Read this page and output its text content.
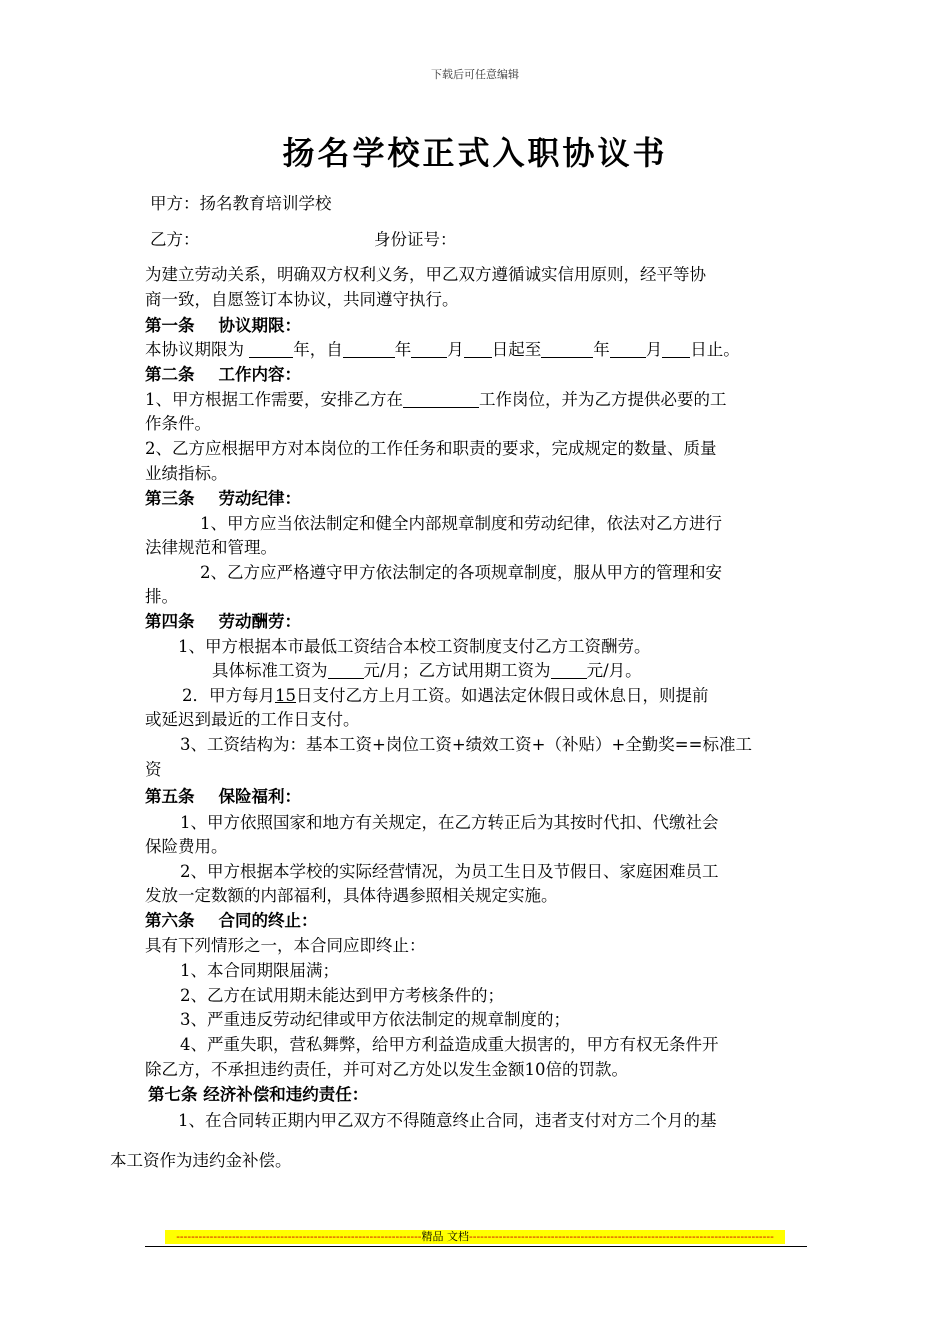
下载后可任意编辑
扬名学校正式入职协议书
甲方：扬名教育培训学校
乙方：	身份证号：
为建立劳动关系，明确双方权利义务，甲乙双方遵循诚实信用原则，经平等协
商一致，自愿签订本协议，共同遵守执行。
第一条 协议期限：
本协议期限为	年，自	年 月 日起至	年 月 日止。
第二条 工作内容：
1、甲方根据工作需要，安排乙方在	工作岗位，并为乙方提供必要的工
作条件。
2、乙方应根据甲方对本岗位的工作任务和职责的要求，完成规定的数量、质量
业绩指标。
第三条 劳动纪律：
1、甲方应当依法制定和健全内部规章制度和劳动纪律，依法对乙方进行
法律规范和管理。
2、乙方应严格遵守甲方依法制定的各项规章制度，服从甲方的管理和安
排。
第四条 劳动酬劳：
1、甲方根据本市最低工资结合本校工资制度支付乙方工资酬劳。
具体标准工资为 元/月；乙方试用期工资为 元/月。
2．甲方每月15日支付乙方上月工资。如遇法定休假日或休息日，则提前
或延迟到最近的工作日支付。
3、工资结构为：基本工资+岗位工资+绩效工资+（补贴）+全勤奖==标准工
资
第五条 保险福利：
1、甲方依照国家和地方有关规定，在乙方转正后为其按时代扣、代缴社会
保险费用。
2、甲方根据本学校的实际经营情况，为员工生日及节假日、家庭困难员工
发放一定数额的内部福利，具体待遇参照相关规定实施。
第六条 合同的终止：
具有下列情形之一，本合同应即终止：
1、本合同期限届满；
2、乙方在试用期未能达到甲方考核条件的；
3、严重违反劳动纪律或甲方依法制定的规章制度的；
4、严重失职，营私舞弊，给甲方利益造成重大损害的，甲方有权无条件开
除乙方，不承担违约责任，并可对乙方处以发生金额10倍的罚款。
第七条 经济补偿和违约责任：
1、在合同转正期内甲乙双方不得随意终止合同，违者支付对方二个月的基
本工资作为违约金补偿。
------------------------------------------------------------------精品 文档----------------------------------------------------------------------------------
